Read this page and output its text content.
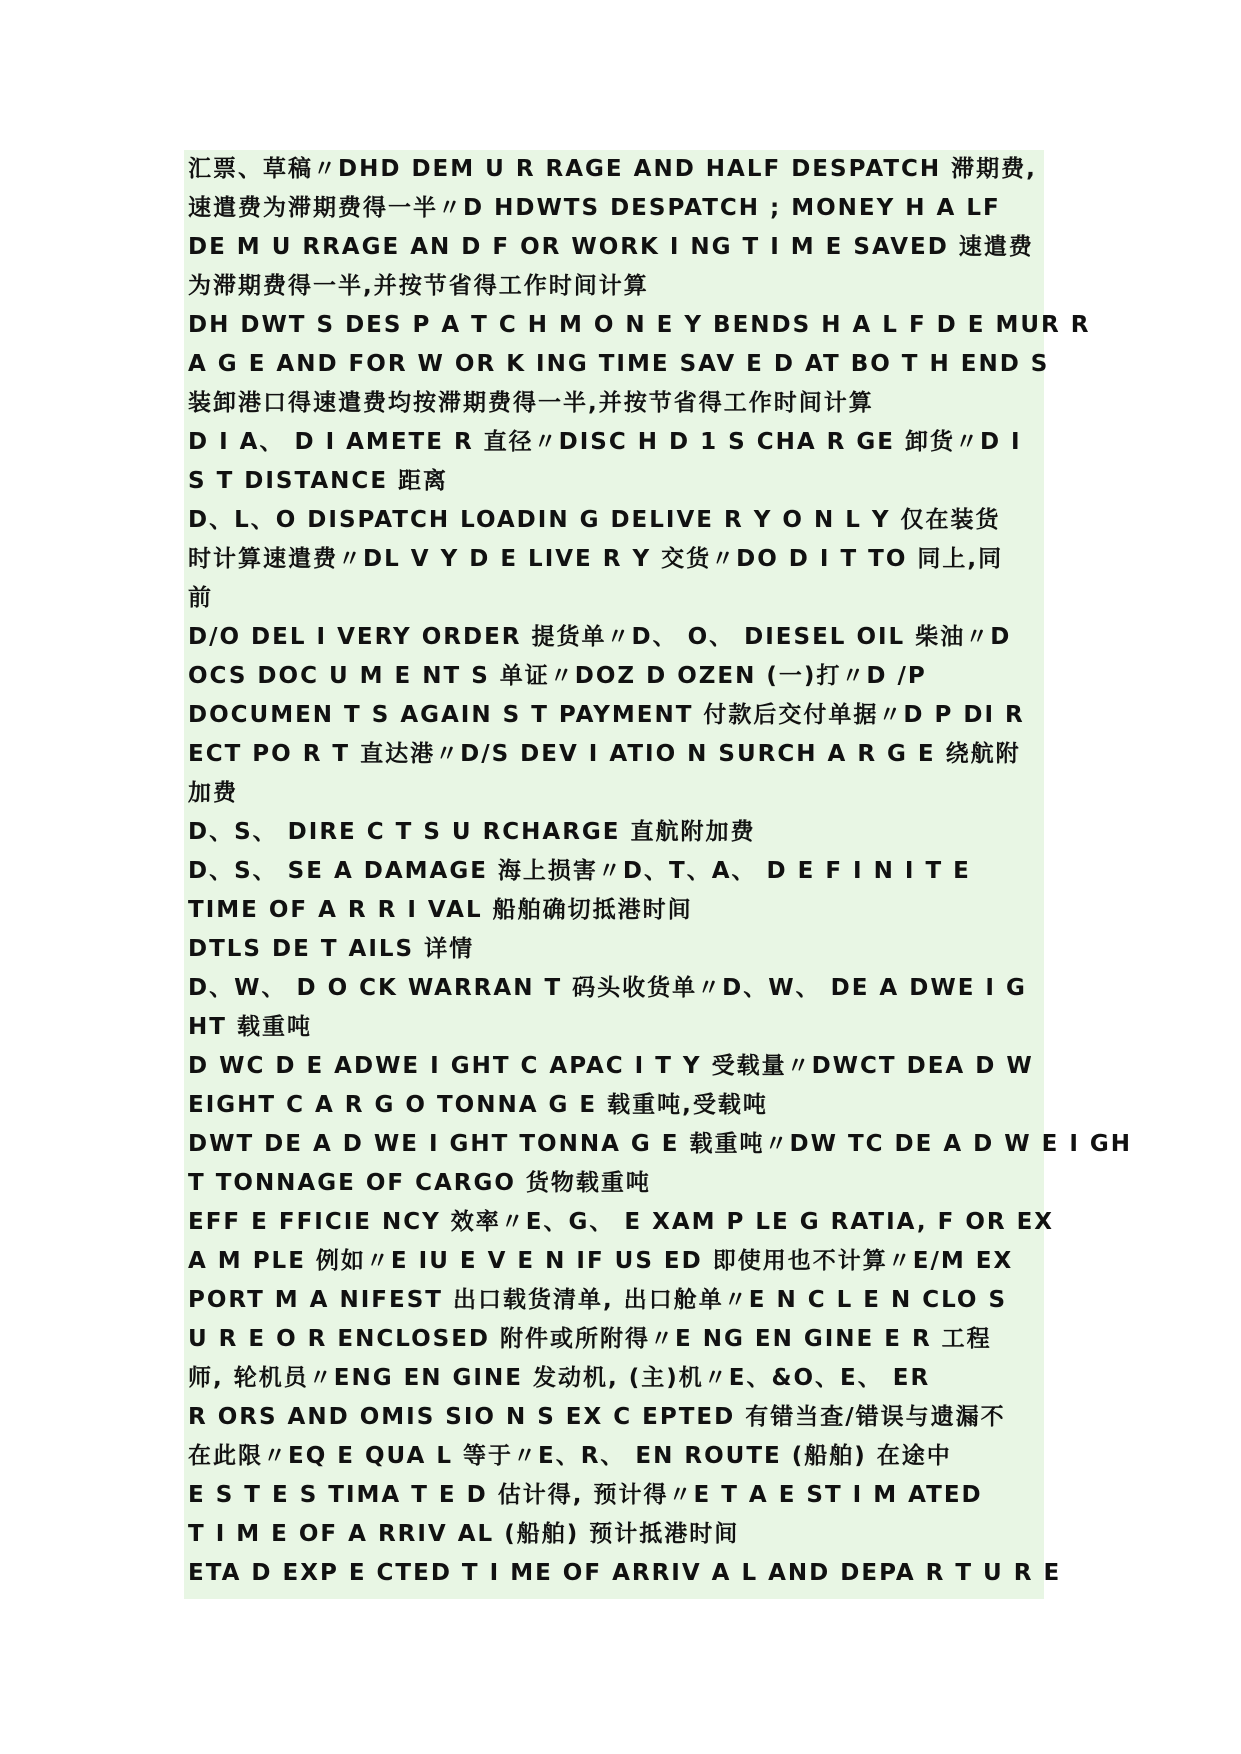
汇票、草稿〃DHD DEM U R RAGE AND HALF DESPATCH 滞期费,
速遣费为滞期费得一半〃D HDWTS DESPATCH ; MONEY H A LF
DE M U RRAGE AN D F OR WORK I NG T I M E SAVED 速遣费
为滞期费得一半,并按节省得工作时间计算
DH DWT S DES P A T C H M O N E Y BENDS H A L F D E MUR R
A G E AND FOR W OR K ING TIME SAV E D AT BO T H END S
装卸港口得速遣费均按滞期费得一半,并按节省得工作时间计算
D I A、 D I AMETE R 直径〃DISC H D 1 S CHA R GE 卸货〃D I
S T DISTANCE 距离
D、L、O DISPATCH LOADIN G DELIVE R Y O N L Y 仅在装货
时计算速遣费〃DL V Y D E LIVE R Y 交货〃DO D I T TO 同上,同
前
D/O DEL I VERY ORDER 提货单〃D、 O、 DIESEL OIL 柴油〃D
OCS DOC U M E NT S 单证〃DOZ D OZEN (一)打〃D /P
DOCUMEN T S AGAIN S T PAYMENT 付款后交付单据〃D P DI R
ECT PO R T 直达港〃D/S DEV I ATIO N SURCH A R G E 绕航附
加费
D、S、 DIRE C T S U RCHARGE 直航附加费
D、S、 SE A DAMAGE 海上损害〃D、T、A、 D E F I N I T E
TIME OF A R R I VAL 船舶确切抵港时间
DTLS DE T AILS 详情
D、W、 D O CK WARRAN T 码头收货单〃D、W、 DE A DWE I G
HT 载重吨
D WC D E ADWE I GHT C APAC I T Y 受载量〃DWCT DEA D W
EIGHT C A R G O TONNA G E 载重吨,受载吨
DWT DE A D WE I GHT TONNA G E 载重吨〃DW TC DE A D W E I GH
T TONNAGE OF CARGO 货物载重吨
EFF E FFICIE NCY 效率〃E、G、 E XAM P LE G RATIA, F OR EX
A M PLE 例如〃E IU E V E N IF US ED 即使用也不计算〃E/M EX
PORT M A NIFEST 出口载货清单, 出口舱单〃E N C L E N CLO S
U R E O R ENCLOSED 附件或所附得〃E NG EN GINE E R 工程
师, 轮机员〃ENG EN GINE 发动机, (主)机〃E、&O、E、 ER
R ORS AND OMIS SIO N S EX C EPTED 有错当查/错误与遗漏不
在此限〃EQ E QUA L 等于〃E、R、 EN ROUTE (船舶) 在途中
E S T E S TIMA T E D 估计得, 预计得〃E T A E ST I M ATED
T I M E OF A RRIV AL (船舶) 预计抵港时间
ETA D EXP E CTED T I ME OF ARRIV A L AND DEPA R T U R E
